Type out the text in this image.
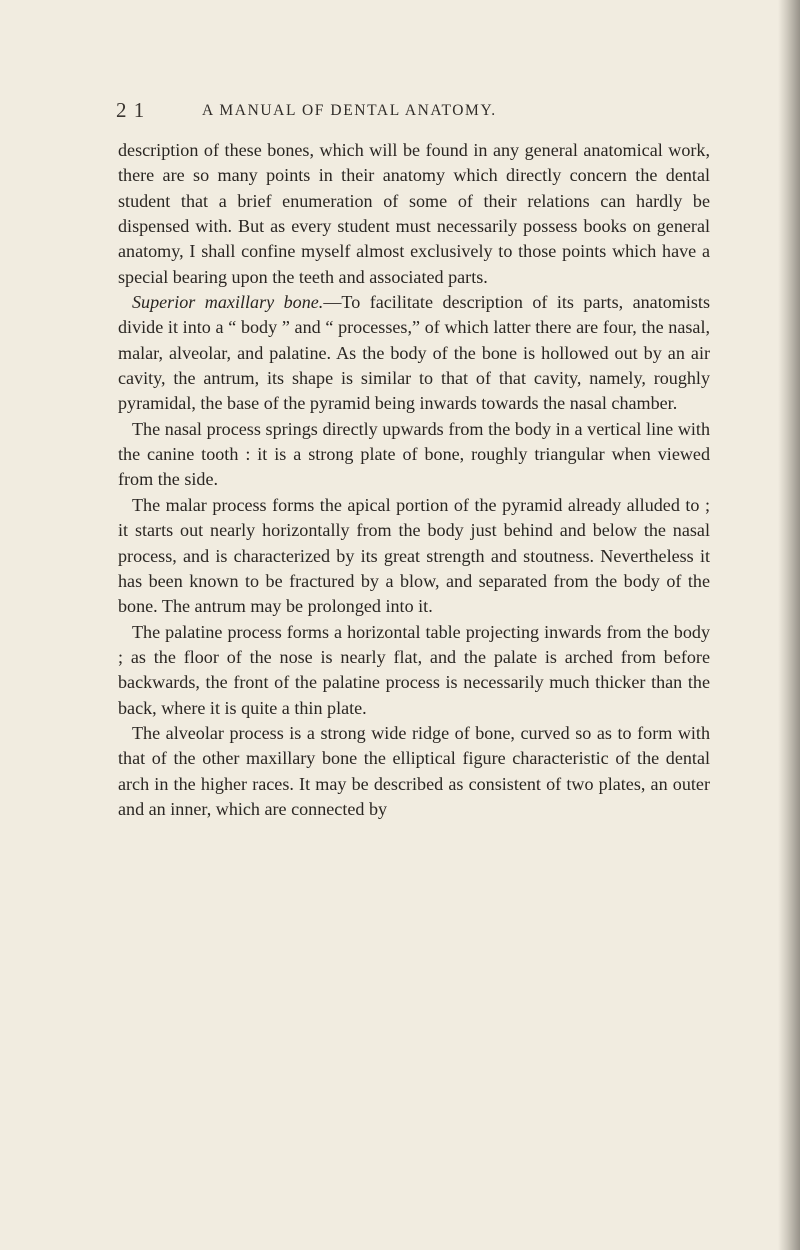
2 1	A MANUAL OF DENTAL ANATOMY.

description of these bones, which will be found in any general anatomical work, there are so many points in their anatomy which directly concern the dental student that a brief enumeration of some of their relations can hardly be dispensed with. But as every student must necessarily possess books on general anatomy, I shall confine myself almost exclusively to those points which have a special bearing upon the teeth and associated parts.

Superior maxillary bone.—To facilitate description of its parts, anatomists divide it into a “ body ” and “ processes,” of which latter there are four, the nasal, malar, alveolar, and palatine. As the body of the bone is hollowed out by an air cavity, the antrum, its shape is similar to that of that cavity, namely, roughly pyramidal, the base of the pyramid being inwards towards the nasal chamber.

The nasal process springs directly upwards from the body in a vertical line with the canine tooth : it is a strong plate of bone, roughly triangular when viewed from the side.

The malar process forms the apical portion of the pyramid already alluded to ; it starts out nearly horizontally from the body just behind and below the nasal process, and is characterized by its great strength and stoutness. Nevertheless it has been known to be fractured by a blow, and separated from the body of the bone. The antrum may be prolonged into it.

The palatine process forms a horizontal table projecting inwards from the body ; as the floor of the nose is nearly flat, and the palate is arched from before backwards, the front of the palatine process is necessarily much thicker than the back, where it is quite a thin plate.

The alveolar process is a strong wide ridge of bone, curved so as to form with that of the other maxillary bone the elliptical figure characteristic of the dental arch in the higher races. It may be described as consistent of two plates, an outer and an inner, which are connected by
